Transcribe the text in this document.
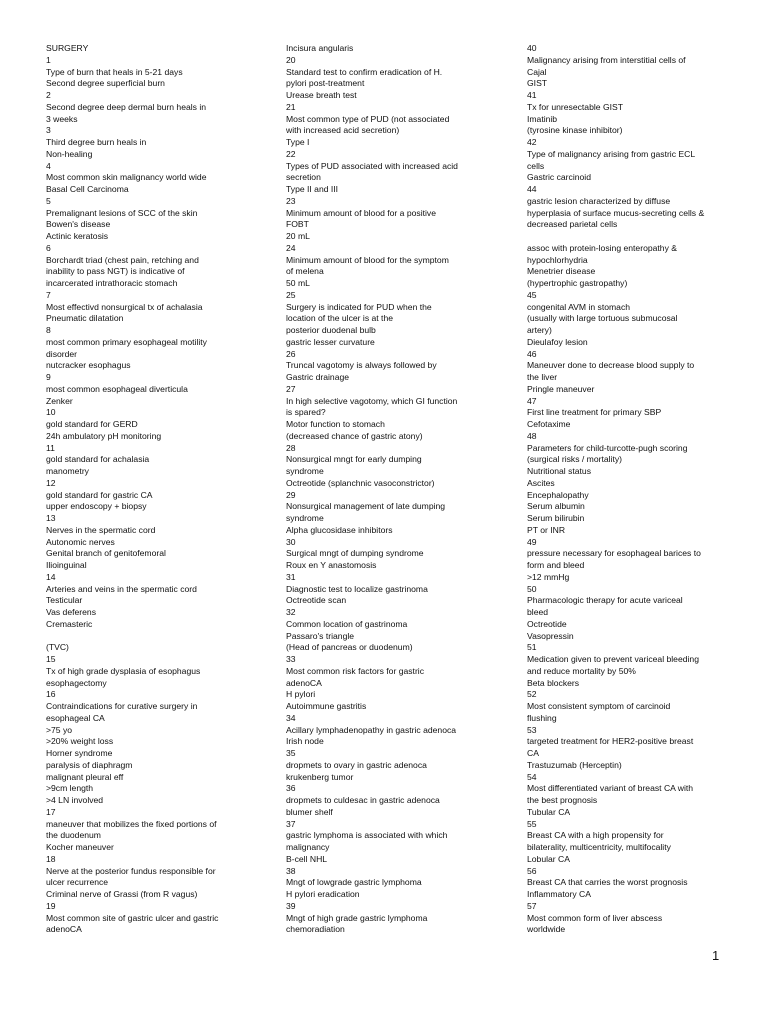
SURGERY
1
Type of burn that heals in 5-21 days
Second degree superficial burn
2
Second degree deep dermal burn heals in
3 weeks
3
Third degree burn heals in
Non-healing
4
Most common skin malignancy world wide
Basal Cell Carcinoma
5
Premalignant lesions of SCC of the skin
Bowen's disease
Actinic keratosis
6
Borchardt triad (chest pain, retching and
inability to pass NGT) is indicative of
incarcerated intrathoracic stomach
7
Most effectivd nonsurgical tx of achalasia
Pneumatic dilatation
8
most common primary esophageal motility
disorder
nutcracker esophagus
9
most common esophageal diverticula
Zenker
10
gold standard for GERD
24h ambulatory pH monitoring
11
gold standard for achalasia
manometry
12
gold standard for gastric CA
upper endoscopy + biopsy
13
Nerves in the spermatic cord
Autonomic nerves
Genital branch of genitofemoral
Ilioinguinal
14
Arteries and veins in the spermatic cord
Testicular
Vas deferens
Cremasteric
(TVC)
15
Tx of high grade dysplasia of esophagus
esophagectomy
16
Contraindications for curative surgery in
esophageal CA
>75 yo
>20% weight loss
Horner syndrome
paralysis of diaphragm
malignant pleural eff
>9cm length
>4 LN involved
17
maneuver that mobilizes the fixed portions of
the duodenum
Kocher maneuver
18
Nerve at the posterior fundus responsible for
ulcer recurrence
Criminal nerve of Grassi (from R vagus)
19
Most common site of gastric ulcer and gastric
adenoCA
Incisura angularis
20
Standard test to confirm eradication of H.
pylori post-treatment
Urease breath test
21
Most common type of PUD (not associated
with increased acid secretion)
Type I
22
Types of PUD associated with increased acid
secretion
Type II and III
23
Minimum amount of blood for a positive
FOBT
20 mL
24
Minimum amount of blood for the symptom
of melena
50 mL
25
Surgery is indicated for PUD when the
location of the ulcer is at the
posterior duodenal bulb
gastric lesser curvature
26
Truncal vagotomy is always followed by
Gastric drainage
27
In high selective vagotomy, which GI function
is spared?
Motor function to stomach
(decreased chance of gastric atony)
28
Nonsurgical mngt for early dumping
syndrome
Octreotide (splanchnic vasoconstrictor)
29
Nonsurgical management of late dumping
syndrome
Alpha glucosidase inhibitors
30
Surgical mngt of dumping syndrome
Roux en Y anastomosis
31
Diagnostic test to localize gastrinoma
Octreotide scan
32
Common location of gastrinoma
Passaro's triangle
(Head of pancreas or duodenum)
33
Most common risk factors for gastric
adenoCA
H pylori
Autoimmune gastritis
34
Acillary lymphadenopathy in gastric adenoca
Irish node
35
dropmets to ovary in gastric adenoca
krukenberg tumor
36
dropmets to culdesac in gastric adenoca
blumer shelf
37
gastric lymphoma is associated with which
malignancy
B-cell NHL
38
Mngt of lowgrade gastric lymphoma
H pylori eradication
39
Mngt of high grade gastric lymphoma
chemoradiation
40
Malignancy arising from interstitial cells of
Cajal
GIST
41
Tx for unresectable GIST
Imatinib
(tyrosine kinase inhibitor)
42
Type of malignancy arising from gastric ECL
cells
Gastric carcinoid
44
gastric lesion characterized by diffuse
hyperplasia of surface mucus-secreting cells &
decreased parietal cells
assoc with protein-losing enteropathy &
hypochlorhydria
Menetrier disease
(hypertrophic gastropathy)
45
congenital AVM in stomach
(usually with large tortuous submucosal
artery)
Dieulafoy lesion
46
Maneuver done to decrease blood supply to
the liver
Pringle maneuver
47
First line treatment for primary SBP
Cefotaxime
48
Parameters for child-turcotte-pugh scoring
(surgical risks / mortality)
Nutritional status
Ascites
Encephalopathy
Serum albumin
Serum bilirubin
PT or INR
49
pressure necessary for esophageal barices to
form and bleed
>12 mmHg
50
Pharmacologic therapy for acute variceal
bleed
Octreotide
Vasopressin
51
Medication given to prevent variceal bleeding
and reduce mortality by 50%
Beta blockers
52
Most consistent symptom of carcinoid
flushing
53
targeted treatment for HER2-positive breast
CA
Trastuzumab (Herceptin)
54
Most differentiated variant of breast CA with
the best prognosis
Tubular CA
55
Breast CA with a high propensity for
bilaterality, multicentricity, multifocality
Lobular CA
56
Breast CA that carries the worst prognosis
Inflammatory CA
57
Most common form of liver abscess
worldwide
1
